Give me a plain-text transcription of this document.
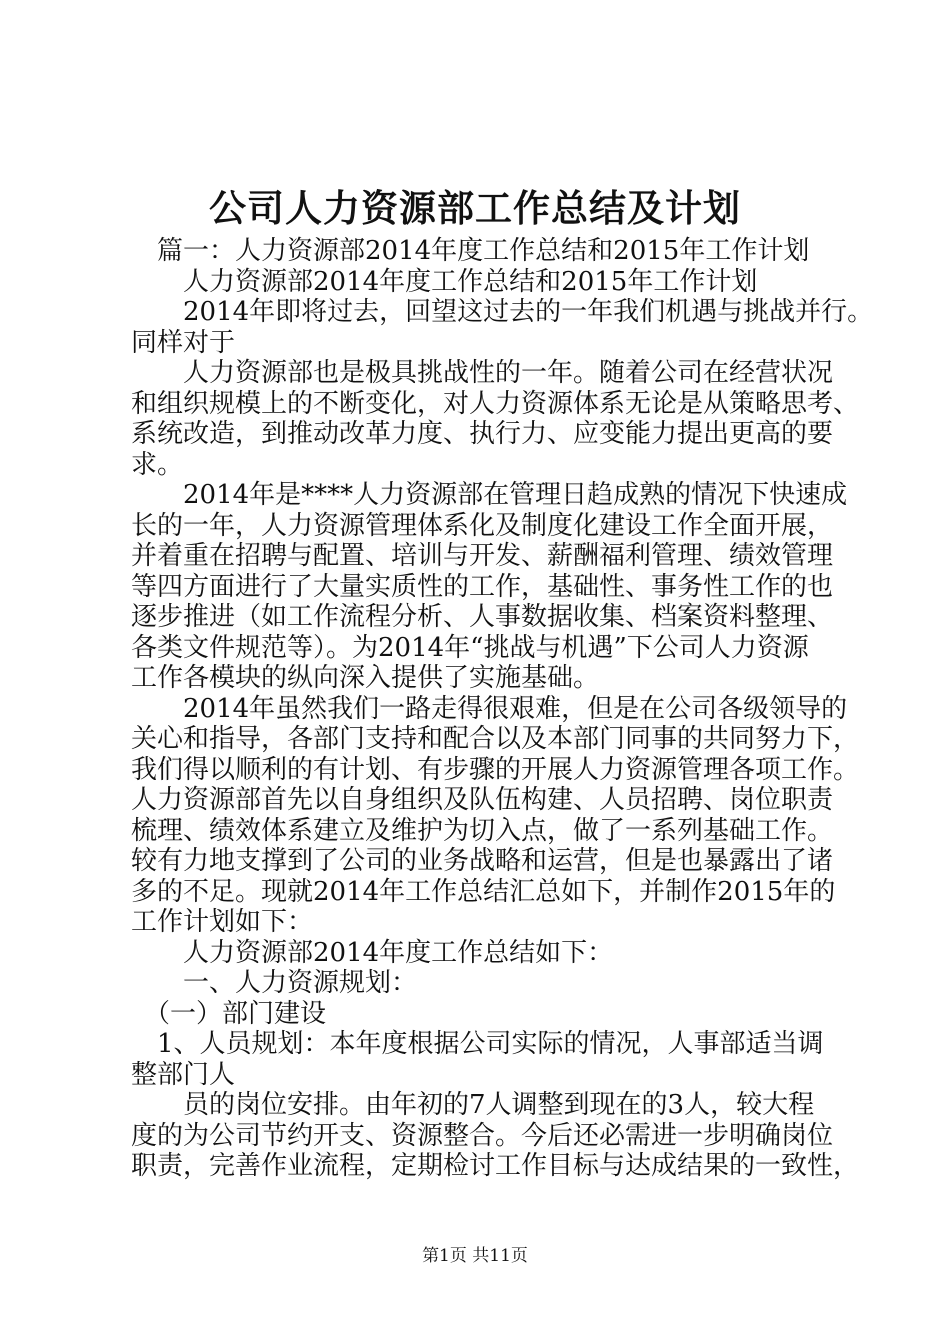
公司人力资源部工作总结及计划
　篇一：人力资源部2014年度工作总结和2015年工作计划
　　人力资源部2014年度工作总结和2015年工作计划
　　2014年即将过去，回望这过去的一年我们机遇与挑战并行。
同样对于
　　人力资源部也是极具挑战性的一年。随着公司在经营状况
和组织规模上的不断变化，对人力资源体系无论是从策略思考、
系统改造，到推动改革力度、执行力、应变能力提出更高的要
求。
　　2014年是****人力资源部在管理日趋成熟的情况下快速成
长的一年，人力资源管理体系化及制度化建设工作全面开展，
并着重在招聘与配置、培训与开发、薪酬福利管理、绩效管理
等四方面进行了大量实质性的工作，基础性、事务性工作的也
逐步推进（如工作流程分析、人事数据收集、档案资料整理、
各类文件规范等）。为2014年“挑战与机遇”下公司人力资源
工作各模块的纵向深入提供了实施基础。
　　2014年虽然我们一路走得很艰难，但是在公司各级领导的
关心和指导，各部门支持和配合以及本部门同事的共同努力下，
我们得以顺利的有计划、有步骤的开展人力资源管理各项工作。
人力资源部首先以自身组织及队伍构建、人员招聘、岗位职责
梳理、绩效体系建立及维护为切入点，做了一系列基础工作。
较有力地支撑到了公司的业务战略和运营，但是也暴露出了诸
多的不足。现就2014年工作总结汇总如下，并制作2015年的
工作计划如下：
　　人力资源部2014年度工作总结如下：
　　一、人力资源规划：
　（一）部门建设
　1、人员规划：本年度根据公司实际的情况，人事部适当调
整部门人
　　员的岗位安排。由年初的7人调整到现在的3人，较大程
度的为公司节约开支、资源整合。今后还必需进一步明确岗位
职责，完善作业流程，定期检讨工作目标与达成结果的一致性，
第1页 共11页
